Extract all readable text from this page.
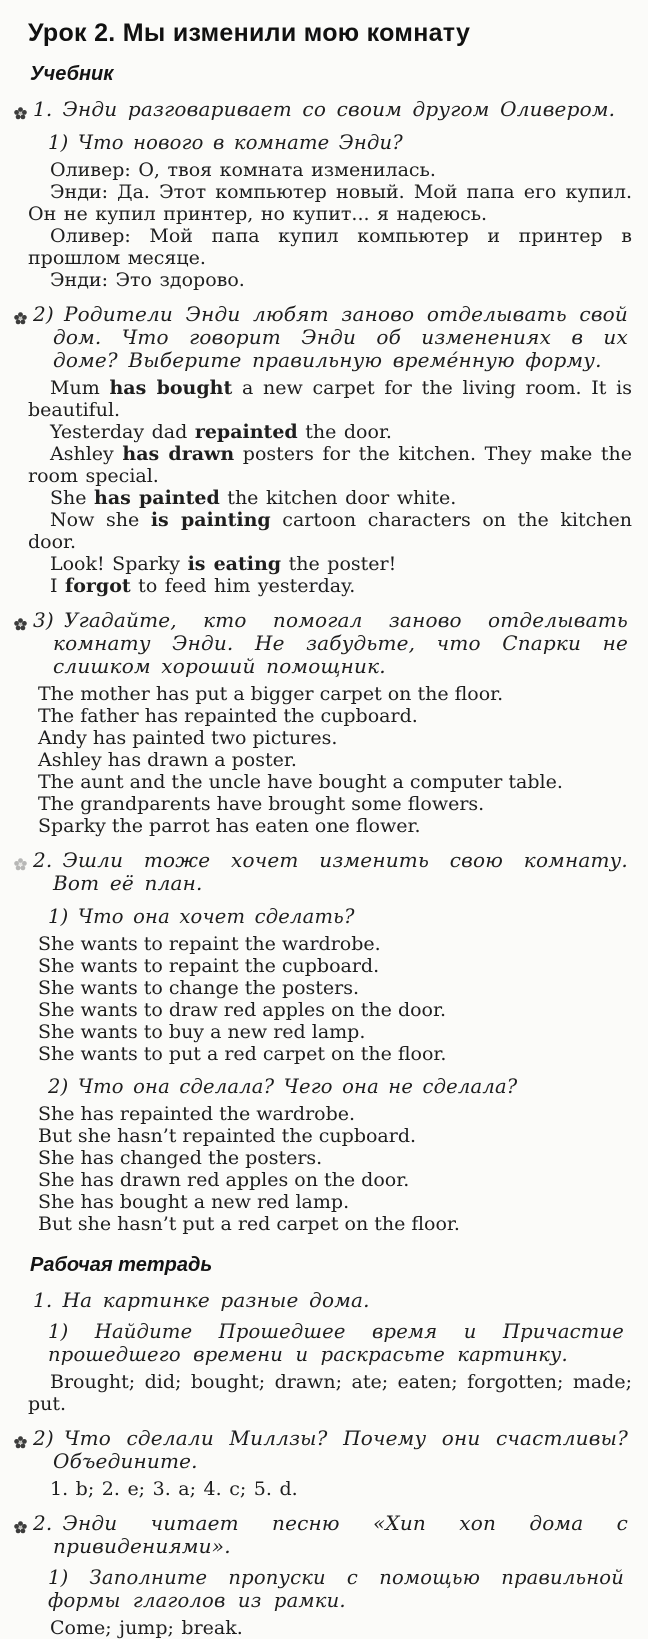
Урок 2. Мы изменили мою комнату
Учебник
1. Энди разговаривает со своим другом Оливером.
1) Что нового в комнате Энди?

Оливер: О, твоя комната изменилась.

Энди: Да. Этот компьютер новый. Мой папа его купил. Он не купил принтер, но купит... я надеюсь.

Оливер: Мой папа купил компьютер и принтер в прошлом месяце.

Энди: Это здорово.

2) Родители Энди любят заново отделывать свой дом. Что говорит Энди об изменениях в их доме? Выберите правильную време́нную форму.

Mum has bought a new carpet for the living room. It is beautiful.

Yesterday dad repainted the door.

Ashley has drawn posters for the kitchen. They make the room special.

She has painted the kitchen door white.

Now she is painting cartoon characters on the kitchen door.

Look! Sparky is eating the poster!

I forgot to feed him yesterday.

3) Угадайте, кто помогал заново отделывать комнату Энди. Не забудьте, что Спарки не слишком хороший помощник.
The mother has put a bigger carpet on the floor.
The father has repainted the cupboard.
Andy has painted two pictures.
Ashley has drawn a poster.
The aunt and the uncle have bought a computer table.
The grandparents have brought some flowers.
Sparky the parrot has eaten one flower.
2. Эшли тоже хочет изменить свою комнату. Вот её план.
1) Что она хочет сделать?
She wants to repaint the wardrobe.
She wants to repaint the cupboard.
She wants to change the posters.
She wants to draw red apples on the door.
She wants to buy a new red lamp.
She wants to put a red carpet on the floor.
2) Что она сделала? Чего она не сделала?
She has repainted the wardrobe.
But she hasn’t repainted the cupboard.
She has changed the posters.
She has drawn red apples on the door.
She has bought a new red lamp.
But she hasn’t put a red carpet on the floor.
Рабочая тетрадь
1. На картинке разные дома.
1) Найдите Прошедшее время и Причастие прошедшего времени и раскрасьте картинку.

Brought; did; bought; drawn; ate; eaten; forgotten; made; put.

2) Что сделали Миллзы? Почему они счастливы? Объедините.

1. b; 2. e; 3. a; 4. c; 5. d.

2. Энди читает песню «Хип хоп дома с привидениями».
1) Заполните пропуски с помощью правильной формы глаголов из рамки.

Come; jump; break.
